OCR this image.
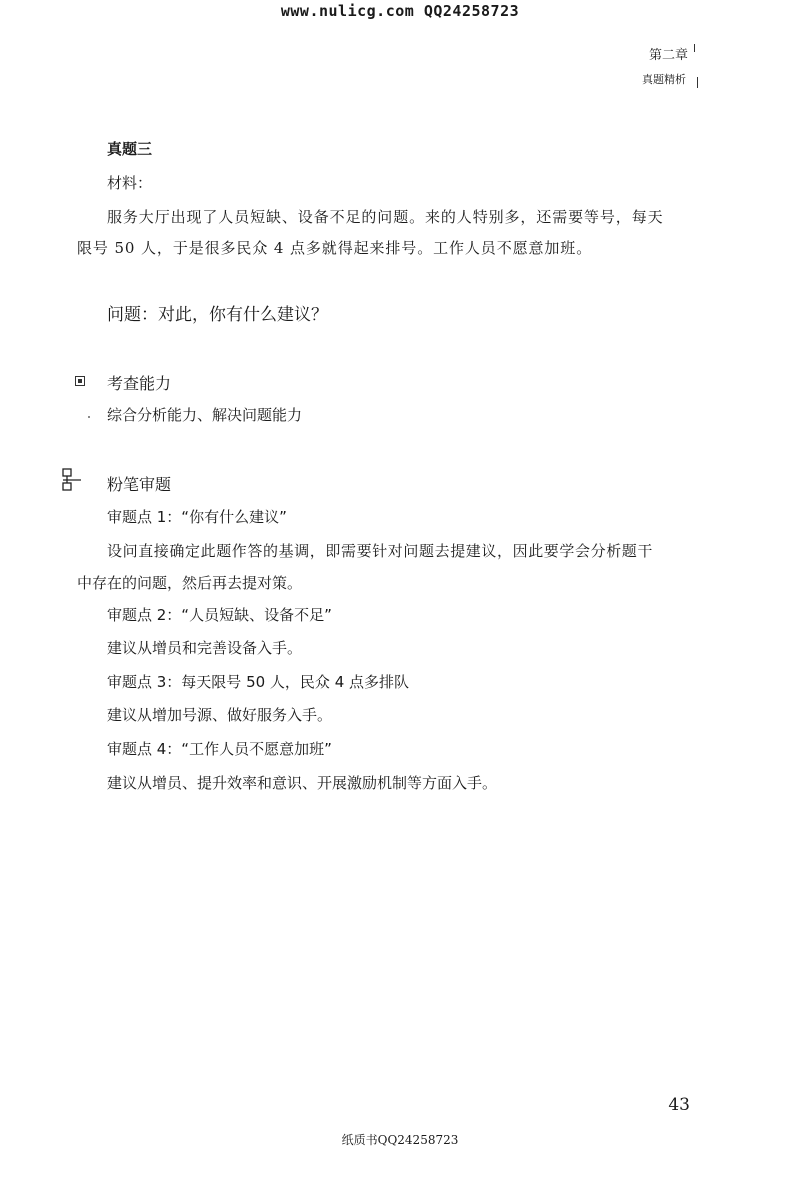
www.nulicg.com QQ24258723
第二章
真题精析
真题三
材料：
服务大厅出现了人员短缺、设备不足的问题。来的人特别多，还需要等号，每天
限号 50 人，于是很多民众 4 点多就得起来排号。工作人员不愿意加班。
问题：对此，你有什么建议？
考查能力
综合分析能力、解决问题能力
粉笔审题
审题点 1：“你有什么建议”
设问直接确定此题作答的基调，即需要针对问题去提建议，因此要学会分析题干
中存在的问题，然后再去提对策。
审题点 2：“人员短缺、设备不足”
建议从增员和完善设备入手。
审题点 3：每天限号 50 人，民众 4 点多排队
建议从增加号源、做好服务入手。
审题点 4：“工作人员不愿意加班”
建议从增员、提升效率和意识、开展激励机制等方面入手。
43
纸质书QQ24258723
